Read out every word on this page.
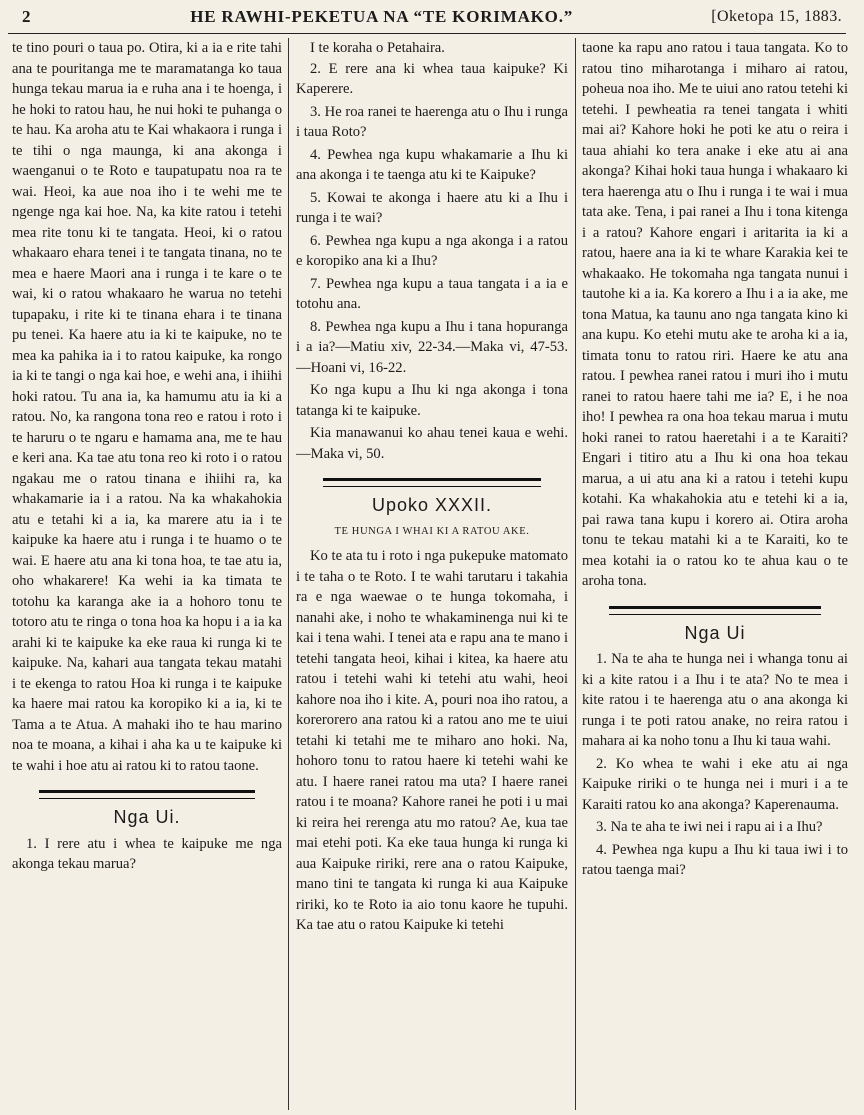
2	HE RAWHI-PEKETUA NA “TE KORIMAKO.”	[Oketopa 15, 1883.

te tino pouri o taua po. Otira, ki a ia e rite tahi ana te pouritanga me te maramatanga ko taua hunga tekau marua ia e ruha ana i te hoenga, i he hoki to ratou hau, he nui hoki te puhanga o te hau. Ka aroha atu te Kai whakaora i runga i te tihi o nga maunga, ki ana akonga i waenganui o te Roto e taupatupatu noa ra te wai. Heoi, ka aue noa iho i te wehi me te ngenge nga kai hoe. Na, ka kite ratou i tetehi mea rite tonu ki te tangata. Heoi, ki o ratou whakaaro ehara tenei i te tangata tinana, no te mea e haere Maori ana i runga i te kare o te wai, ki o ratou whakaaro he warua no tetehi tupapaku, i rite ki te tinana ehara i te tinana pu tenei. Ka haere atu ia ki te kaipuke, no te mea ka pahika ia i to ratou kaipuke, ka rongo ia ki te tangi o nga kai hoe, e wehi ana, i ihiihi hoki ratou. Tu ana ia, ka hamumu atu ia ki a ratou. No, ka rangona tona reo e ratou i roto i te haruru o te ngaru e hamama ana, me te hau e keri ana. Ka tae atu tona reo ki roto i o ratou ngakau me o ratou tinana e ihiihi ra, ka whakamarie ia i a ratou. Na ka whakahokia atu e tetahi ki a ia, ka marere atu ia i te kaipuke ka haere atu i runga i te huamo o te wai. E haere atu ana ki tona hoa, te tae atu ia, oho whakarere! Ka wehi ia ka timata te totohu ka karanga ake ia a hohoro tonu te totoro atu te ringa o tona hoa ka hopu i a ia ka arahi ki te kaipuke ka eke raua ki runga ki te kaipuke. Na, kahari aua tangata tekau matahi i te ekenga to ratou Hoa ki runga i te kaipuke ka haere mai ratou ka koropiko ki a ia, ki te Tama a te Atua. A mahaki iho te hau marino noa te moana, a kihai i aha ka u te kaipuke ki te wahi i hoe atu ai ratou ki to ratou taone.

Nga Ui.

1. I rere atu i whea te kaipuke me nga akonga tekau marua?

I te koraha o Petahaira.

2. E rere ana ki whea taua kaipuke? Ki Kaperere.

3. He roa ranei te haerenga atu o Ihu i runga i taua Roto?

4. Pewhea nga kupu whakamarie a Ihu ki ana akonga i te taenga atu ki te Kaipuke?

5. Kowai te akonga i haere atu ki a Ihu i runga i te wai?

6. Pewhea nga kupu a nga akonga i a ratou e koropiko ana ki a Ihu?

7. Pewhea nga kupu a taua tangata i a ia e totohu ana.

8. Pewhea nga kupu a Ihu i tana hopuranga i a ia?—Matiu xiv, 22-34.—Maka vi, 47-53.—Hoani vi, 16-22.

Ko nga kupu a Ihu ki nga akonga i tona tatanga ki te kaipuke.

Kia manawanui ko ahau tenei kaua e wehi.—Maka vi, 50.

Upoko XXXII.
TE HUNGA I WHAI KI A RATOU AKE.

Ko te ata tu i roto i nga pukepuke matomato i te taha o te Roto. I te wahi tarutaru i takahia ra e nga waewae o te hunga tokomaha, i nanahi ake, i noho te whakaminenga nui ki te kai i tena wahi. I tenei ata e rapu ana te mano i tetehi tangata heoi, kihai i kitea, ka haere atu ratou i tetehi wahi ki tetehi atu wahi, heoi kahore noa iho i kite. A, pouri noa iho ratou, a korerorero ana ratou ki a ratou ano me te uiui tetahi ki tetahi me te miharo ano hoki. Na, hohoro tonu to ratou haere ki tetehi wahi ke atu. I haere ranei ratou ma uta? I haere ranei ratou i te moana? Kahore ranei he poti i u mai ki reira hei rerenga atu mo ratou? Ae, kua tae mai etehi poti. Ka eke taua hunga ki runga ki aua Kaipuke ririki, rere ana o ratou Kaipuke, mano tini te tangata ki runga ki aua Kaipuke ririki, ko te Roto ia aio tonu kaore he tupuhi. Ka tae atu o ratou Kaipuke ki tetehi

taone ka rapu ano ratou i taua tangata. Ko to ratou tino miharotanga i miharo ai ratou, poheua noa iho. Me te uiui ano ratou tetehi ki tetehi. I pewheatia ra tenei tangata i whiti mai ai? Kahore hoki he poti ke atu o reira i taua ahiahi ko tera anake i eke atu ai ana akonga? Kihai hoki taua hunga i whakaaro ki tera haerenga atu o Ihu i runga i te wai i mua tata ake. Tena, i pai ranei a Ihu i tona kitenga i a ratou? Kahore engari i aritarita ia ki a ratou, haere ana ia ki te whare Karakia kei te whakaako. He tokomaha nga tangata nunui i tautohe ki a ia. Ka korero a Ihu i a ia ake, me tona Matua, ka taunu ano nga tangata kino ki ana kupu. Ko etehi mutu ake te aroha ki a ia, timata tonu to ratou riri. Haere ke atu ana ratou. I pewhea ranei ratou i muri iho i mutu ranei to ratou haere tahi me ia? E, i he noa iho! I pewhea ra ona hoa tekau marua i mutu hoki ranei to ratou haeretahi i a te Karaiti? Engari i titiro atu a Ihu ki ona hoa tekau marua, a ui atu ana ki a ratou i tetehi kupu kotahi. Ka whakahokia atu e tetehi ki a ia, pai rawa tana kupu i korero ai. Otira aroha tonu te tekau matahi ki a te Karaiti, ko te mea kotahi ia o ratou ko te ahua kau o te aroha tona.

Nga Ui

1. Na te aha te hunga nei i whanga tonu ai ki a kite ratou i a Ihu i te ata? No te mea i kite ratou i te haerenga atu o ana akonga ki runga i te poti ratou anake, no reira ratou i mahara ai ka noho tonu a Ihu ki taua wahi.

2. Ko whea te wahi i eke atu ai nga Kaipuke ririki o te hunga nei i muri i a te Karaiti ratou ko ana akonga? Kaperenauma.

3. Na te aha te iwi nei i rapu ai i a Ihu?

4. Pewhea nga kupu a Ihu ki taua iwi i to ratou taenga mai?
